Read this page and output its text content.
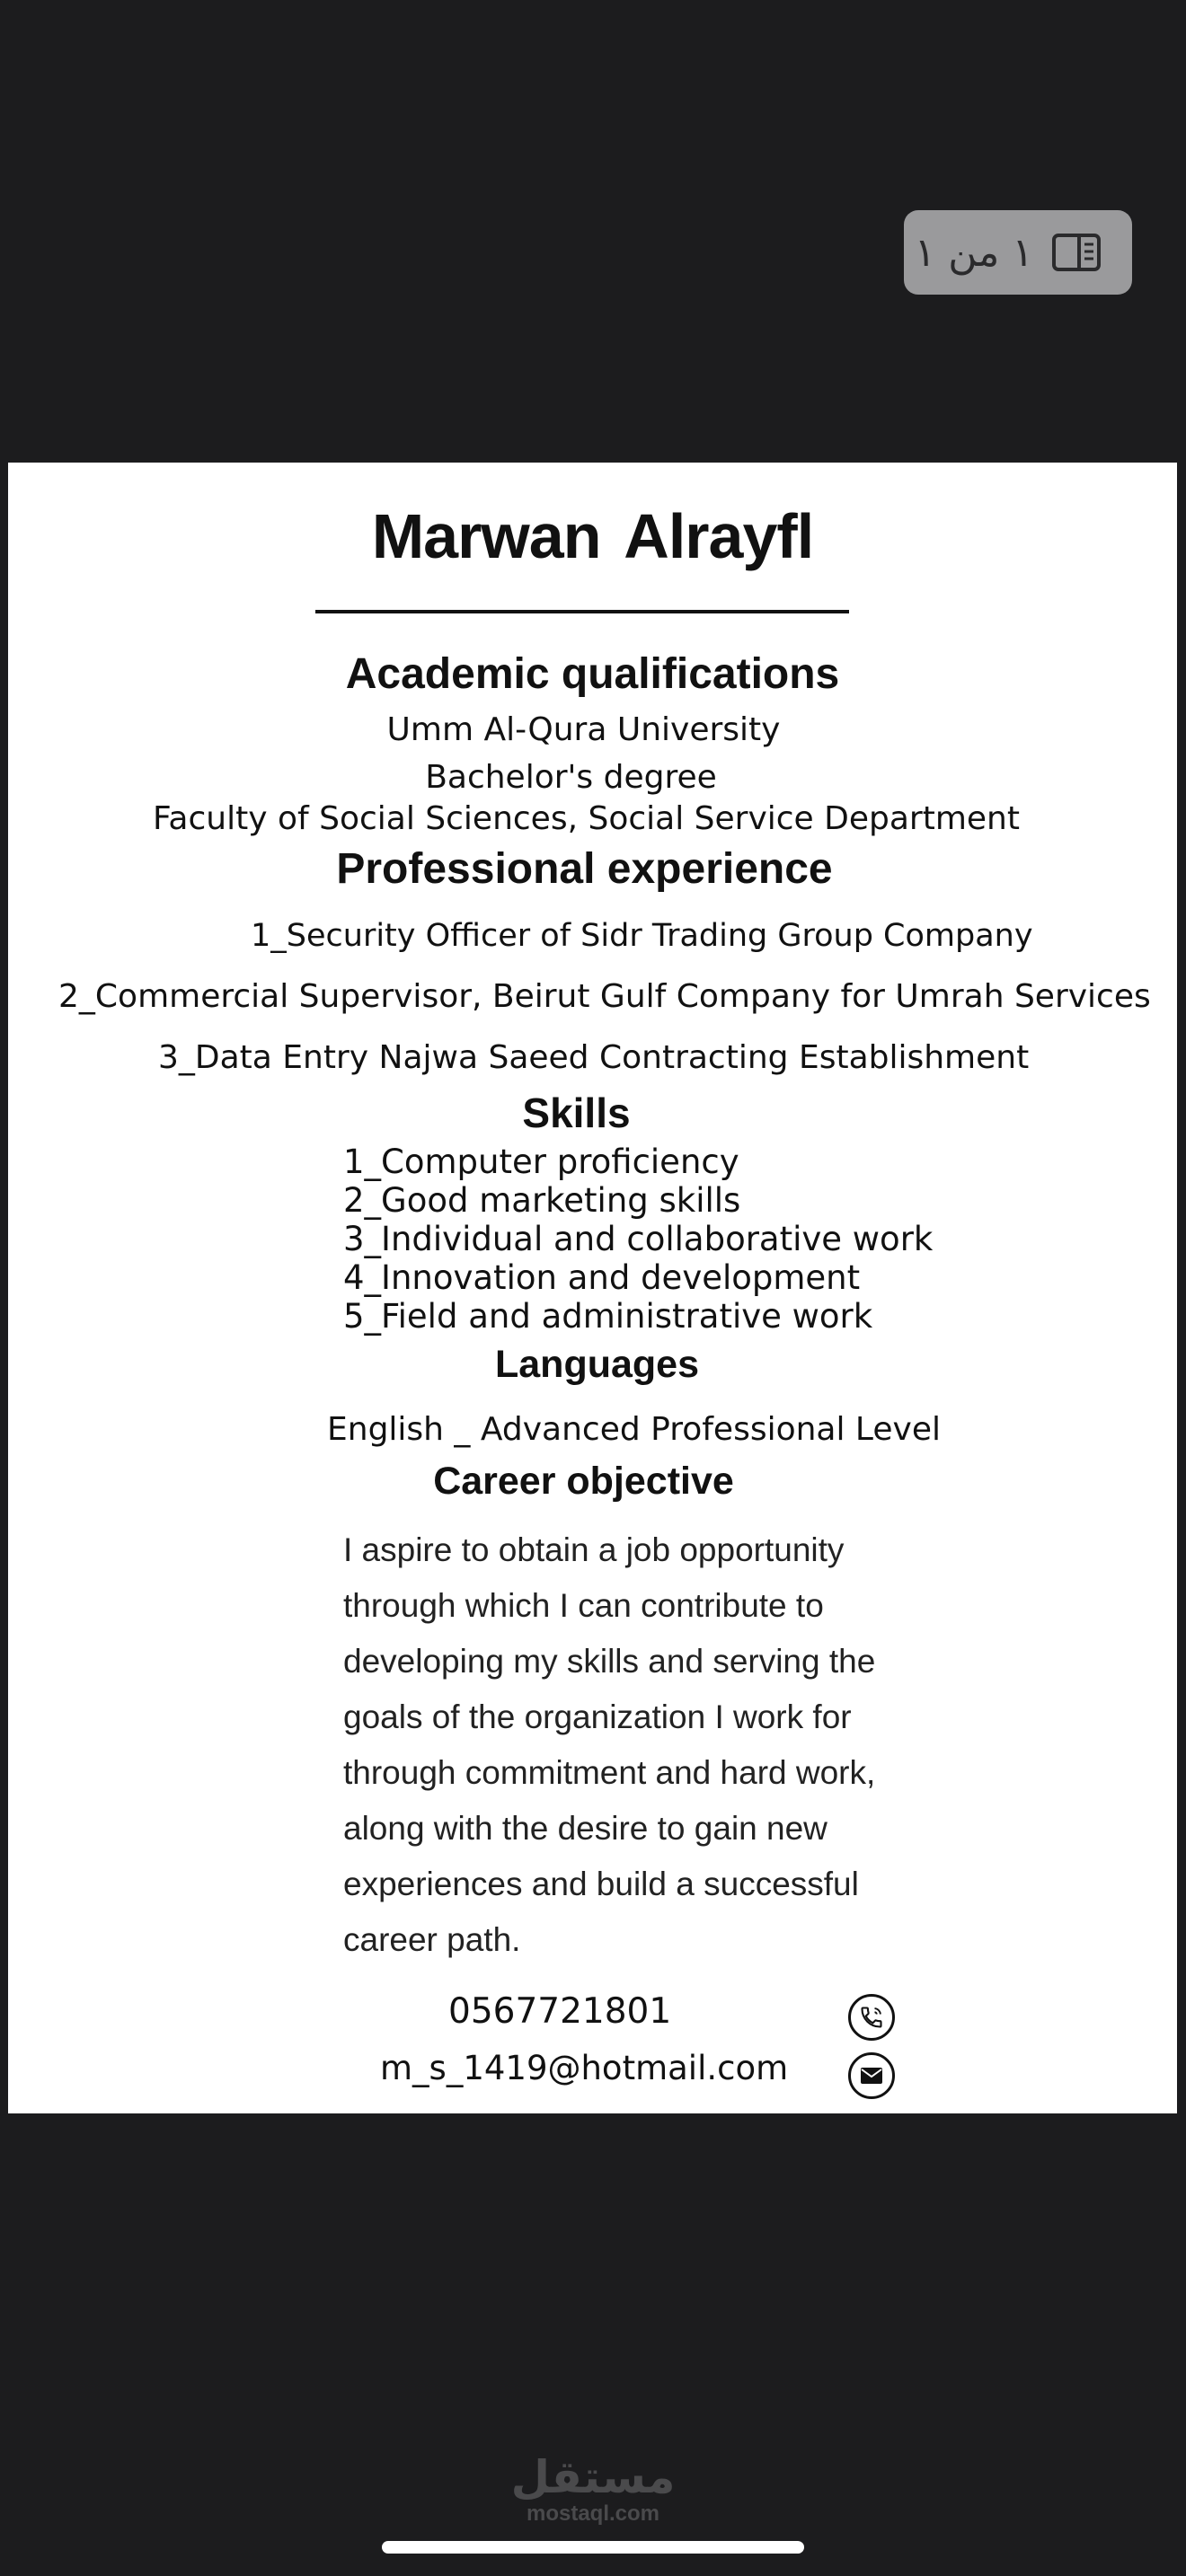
١ من ١
Marwan Alrayfl
Academic qualifications
Umm Al-Qura University
Bachelor's degree
Faculty of Social Sciences, Social Service Department
Professional experience
1_Security Officer of Sidr Trading Group Company
2_Commercial Supervisor, Beirut Gulf Company for Umrah Services
3_Data Entry Najwa Saeed Contracting Establishment
Skills
1_Computer proficiency
2_Good marketing skills
3_Individual and collaborative work
4_Innovation and development
5_Field and administrative work
Languages
English _ Advanced Professional Level
Career objective
I aspire to obtain a job opportunity through which I can contribute to developing my skills and serving the goals of the organization I work for through commitment and hard work, along with the desire to gain new experiences and build a successful career path.
0567721801
m_s_1419@hotmail.com
مستقل
mostaql.com
